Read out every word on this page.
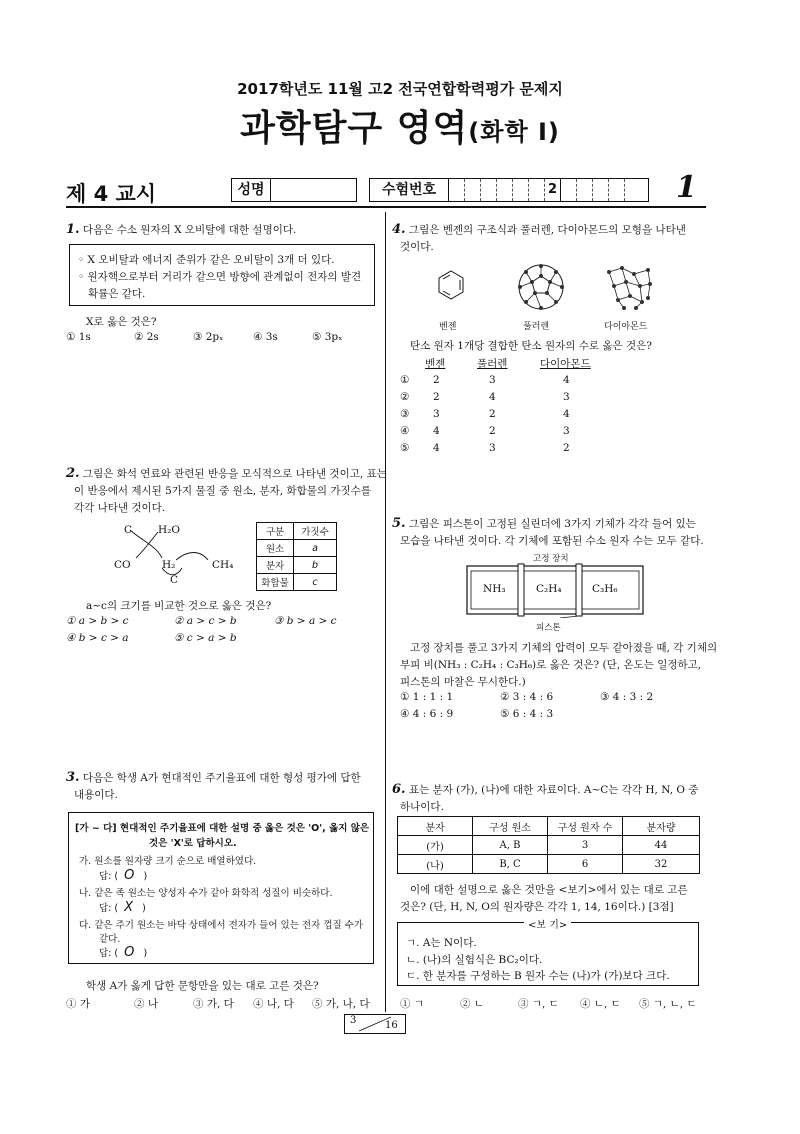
2017학년도 11월 고2 전국연합학력평가 문제지
과학탐구 영역(화학 Ⅰ)
제 4 교시	성명	수험번호	2	1
1. 다음은 수소 원자의 X 오비탈에 대한 설명이다.
◦ X 오비탈과 에너지 준위가 같은 오비탈이 3개 더 있다.
◦ 원자핵으로부터 거리가 같으면 방향에 관계없이 전자의 발견
확률은 같다.
X로 옳은 것은?
① 1s	② 2s	③ 2pₓ	④ 3s	⑤ 3pₓ
2. 그림은 화석 연료와 관련된 반응을 모식적으로 나타낸 것이고, 표는
이 반응에서 제시된 5가지 물질 중 원소, 분자, 화합물의 가짓수를
각각 나타낸 것이다.
C H₂O
CO	H₂	CH₄
C
구분	가짓수
원소	a
분자	b
화합물	c
a~c의 크기를 비교한 것으로 옳은 것은?
① a > b > c	② a > c > b	③ b > a > c
④ b > c > a	⑤ c > a > b
3. 다음은 학생 A가 현대적인 주기율표에 대한 형성 평가에 답한
내용이다.
[가 ~ 다] 현대적인 주기율표에 대한 설명 중 옳은 것은 'O', 옳지 않은
것은 'X'로 답하시오.
가. 원소를 원자량 크기 순으로 배열하였다.
답: ( O )
나. 같은 족 원소는 양성자 수가 같아 화학적 성질이 비슷하다.
답: ( X )
다. 같은 주기 원소는 바닥 상태에서 전자가 들어 있는 전자 껍질 수가
같다.
답: ( O )
학생 A가 옳게 답한 문항만을 있는 대로 고른 것은?
① 가	② 나	③ 가, 다 ④ 나, 다 ⑤ 가, 나, 다
4. 그림은 벤젠의 구조식과 풀러렌, 다이아몬드의 모형을 나타낸
것이다.
벤젠	풀러렌	다이아몬드
탄소 원자 1개당 결합한 탄소 원자의 수로 옳은 것은?
벤젠	풀러렌	다이아몬드
① 2	3	4
② 2	4	3
③ 3	2	4
④ 4	2	3
⑤ 4	3	2
5. 그림은 피스톤이 고정된 실린더에 3가지 기체가 각각 들어 있는
모습을 나타낸 것이다. 각 기체에 포함된 수소 원자 수는 모두 같다.
고정 장치
NH₃	C₂H₄	C₃H₆
피스톤
고정 장치를 풀고 3가지 기체의 압력이 모두 같아졌을 때, 각 기체의
부피 비(NH₃ : C₂H₄ : C₃H₆)로 옳은 것은? (단, 온도는 일정하고,
피스톤의 마찰은 무시한다.)
① 1 : 1 : 1	② 3 : 4 : 6	③ 4 : 3 : 2
④ 4 : 6 : 9	⑤ 6 : 4 : 3
6. 표는 분자 (가), (나)에 대한 자료이다. A~C는 각각 H, N, O 중
하나이다.
분자	구성 원소	구성 원자 수	분자량
(가)	A, B	3	44
(나)	B, C	6	32
이에 대한 설명으로 옳은 것만을 <보기>에서 있는 대로 고른
것은? (단, H, N, O의 원자량은 각각 1, 14, 16이다.) [3점]
<보 기>
ㄱ. A는 N이다.
ㄴ. (나)의 실험식은 BC₂이다.
ㄷ. 한 분자를 구성하는 B 원자 수는 (나)가 (가)보다 크다.
① ㄱ	② ㄴ	③ ㄱ, ㄷ ④ ㄴ, ㄷ ⑤ ㄱ, ㄴ, ㄷ
3	16
